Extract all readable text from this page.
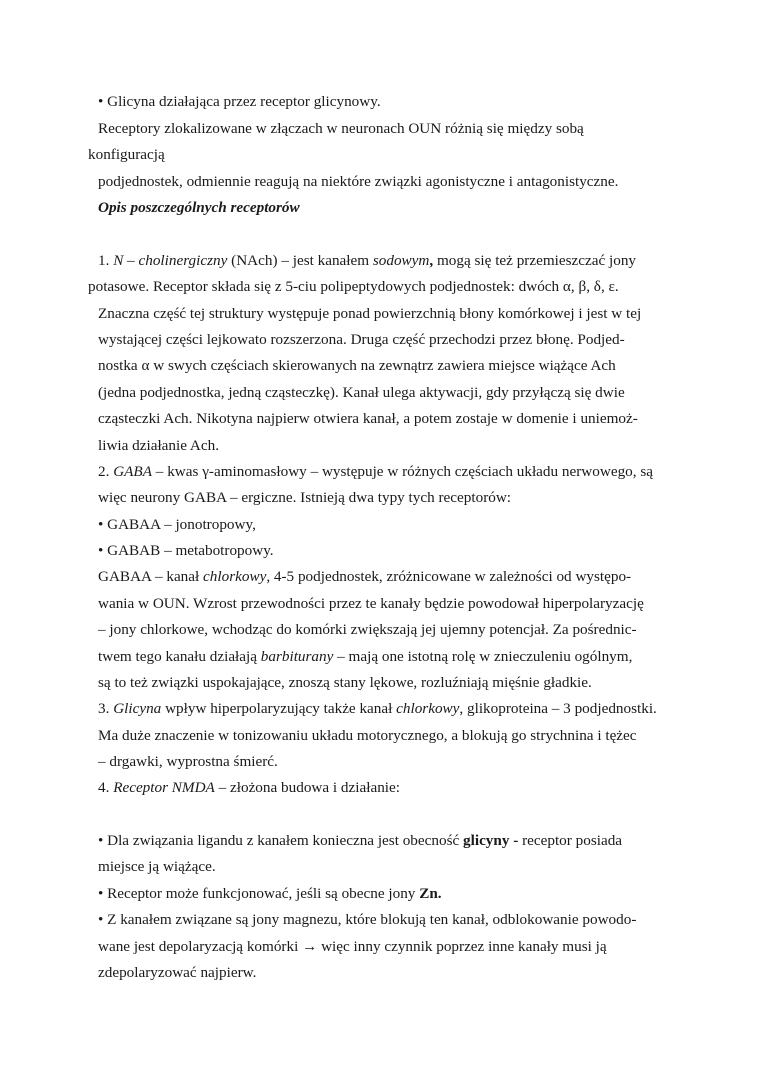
• Glicyna działająca przez receptor glicynowy.

Receptory zlokalizowane w złączach w neuronach OUN różnią się między sobą

konfiguracją

podjednostek, odmiennie reagują na niektóre związki agonistyczne i antagonistyczne.

Opis poszczególnych receptorów

1. N – cholinergiczny (NAch) – jest kanałem sodowym, mogą się też przemieszczać jony

potasowe. Receptor składa się z 5-ciu polipeptydowych podjednostek: dwóch α, β, δ, ε.

Znaczna część tej struktury występuje ponad powierzchnią błony komórkowej i jest w tej

wystającej części lejkowato rozszerzona. Druga część przechodzi przez błonę. Podjed-

nostka α w swych częściach skierowanych na zewnątrz zawiera miejsce wiążące Ach

(jedna podjednostka, jedną cząsteczkę). Kanał ulega aktywacji, gdy przyłączą się dwie

cząsteczki Ach. Nikotyna najpierw otwiera kanał, a potem zostaje w domenie i uniemoż-

liwia działanie Ach.

2. GABA – kwas γ-aminomasłowy – występuje w różnych częściach układu nerwowego, są

więc neurony GABA – ergiczne. Istnieją dwa typy tych receptorów:

• GABAA – jonotropowy,

• GABAB – metabotropowy.

GABAA – kanał chlorkowy, 4-5 podjednostek, zróżnicowane w zależności od występo-

wania w OUN. Wzrost przewodności przez te kanały będzie powodował hiperpolaryzację

– jony chlorkowe, wchodząc do komórki zwiększają jej ujemny potencjał. Za pośrednic-

twem tego kanału działają barbiturany – mają one istotną rolę w znieczuleniu ogólnym,

są to też związki uspokajające, znoszą stany lękowe, rozluźniają mięśnie gładkie.

3. Glicyna wpływ hiperpolaryzujący także kanał chlorkowy, glikoproteina – 3 podjednostki.

Ma duże znaczenie w tonizowaniu układu motorycznego, a blokują go strychnina i tężec

– drgawki, wyprostna śmierć.

4. Receptor NMDA – złożona budowa i działanie:

• Dla związania ligandu z kanałem konieczna jest obecność glicyny - receptor posiada

miejsce ją wiążące.

• Receptor może funkcjonować, jeśli są obecne jony Zn.

• Z kanałem związane są jony magnezu, które blokują ten kanał, odblokowanie powodo-

wane jest depolaryzacją komórki → więc inny czynnik poprzez inne kanały musi ją

zdepolaryzować najpierw.
